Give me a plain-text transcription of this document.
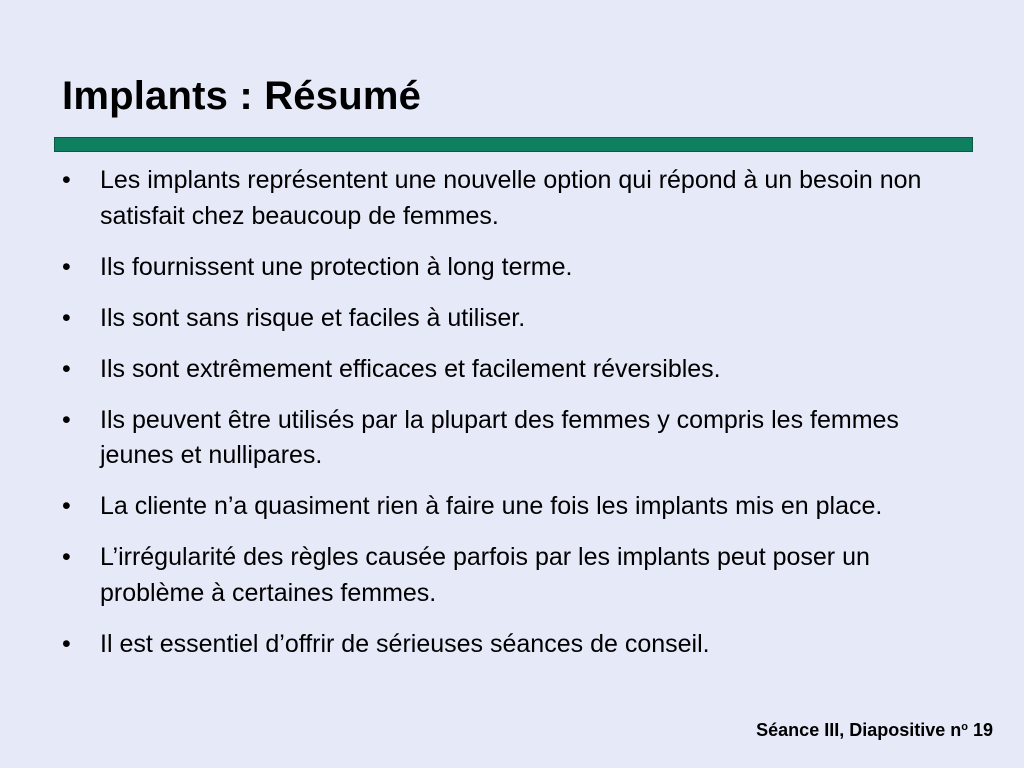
Implants : Résumé
• Les implants représentent une nouvelle option qui répond à un besoin non satisfait chez beaucoup de femmes.
• Ils fournissent une protection à long terme.
• Ils sont sans risque et faciles à utiliser.
• Ils sont extrêmement efficaces et facilement réversibles.
• Ils peuvent être utilisés par la plupart des femmes y compris les femmes jeunes et nullipares.
• La cliente n’a quasiment rien à faire une fois les implants mis en place.
• L’irrégularité des règles causée parfois par les implants peut poser un problème à certaines femmes.
• Il est essentiel d’offrir de sérieuses séances de conseil.
Séance III, Diapositive $n^o$ 19
